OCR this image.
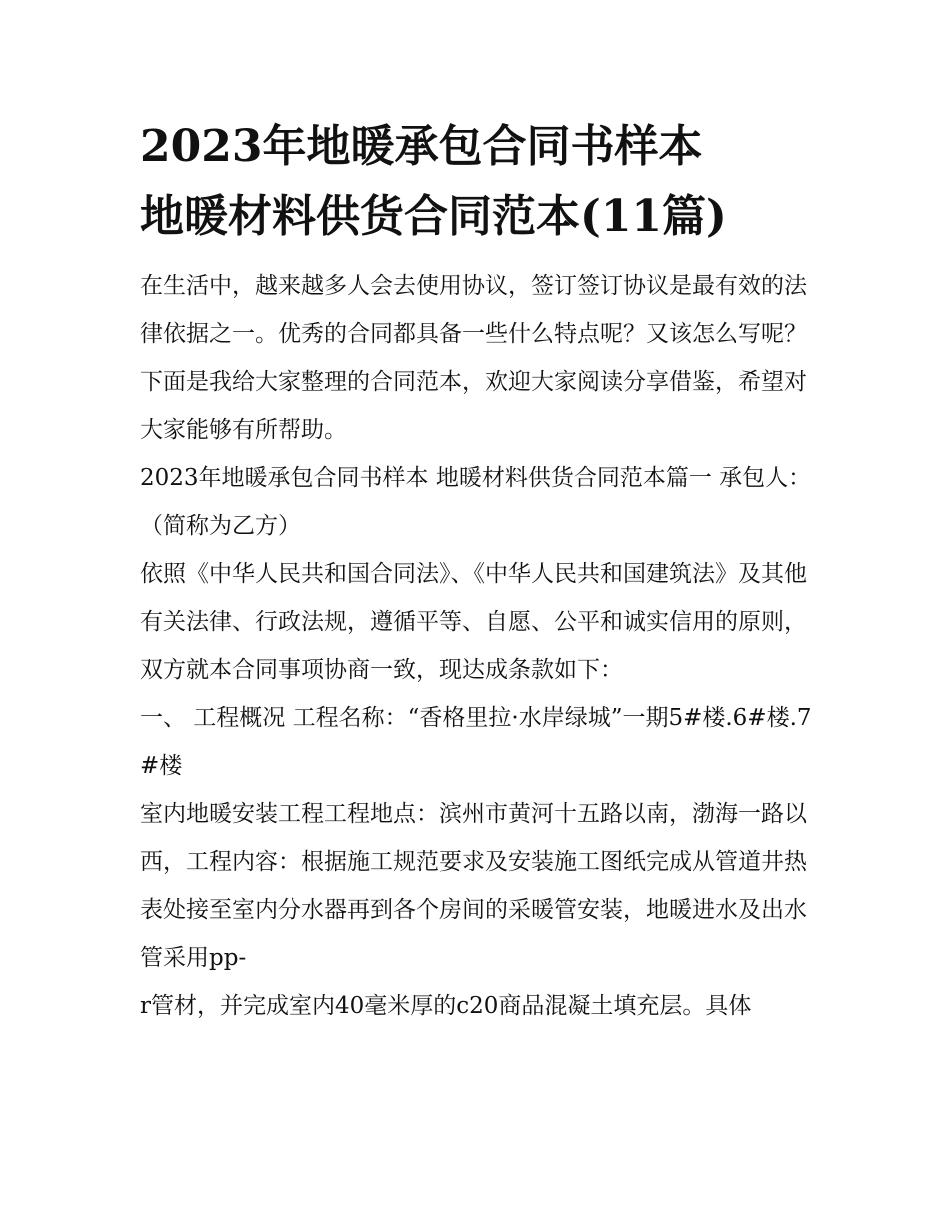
2023年地暖承包合同书样本
地暖材料供货合同范本(11篇)

在生活中，越来越多人会去使用协议，签订签订协议是最有效的法律依据之一。优秀的合同都具备一些什么特点呢？又该怎么写呢？下面是我给大家整理的合同范本，欢迎大家阅读分享借鉴，希望对大家能够有所帮助。

2023年地暖承包合同书样本 地暖材料供货合同范本篇一 承包人：（简称为乙方）

依照《中华人民共和国合同法》、《中华人民共和国建筑法》及其他有关法律、行政法规，遵循平等、自愿、公平和诚实信用的原则，双方就本合同事项协商一致，现达成条款如下：

一、 工程概况 工程名称：“香格里拉·水岸绿城”一期5#楼.6#楼.7#楼

室内地暖安装工程工程地点：滨州市黄河十五路以南，渤海一路以西，工程内容：根据施工规范要求及安装施工图纸完成从管道井热表处接至室内分水器再到各个房间的采暖管安装，地暖进水及出水管采用pp-

r管材，并完成室内40毫米厚的c20商品混凝土填充层。具体
